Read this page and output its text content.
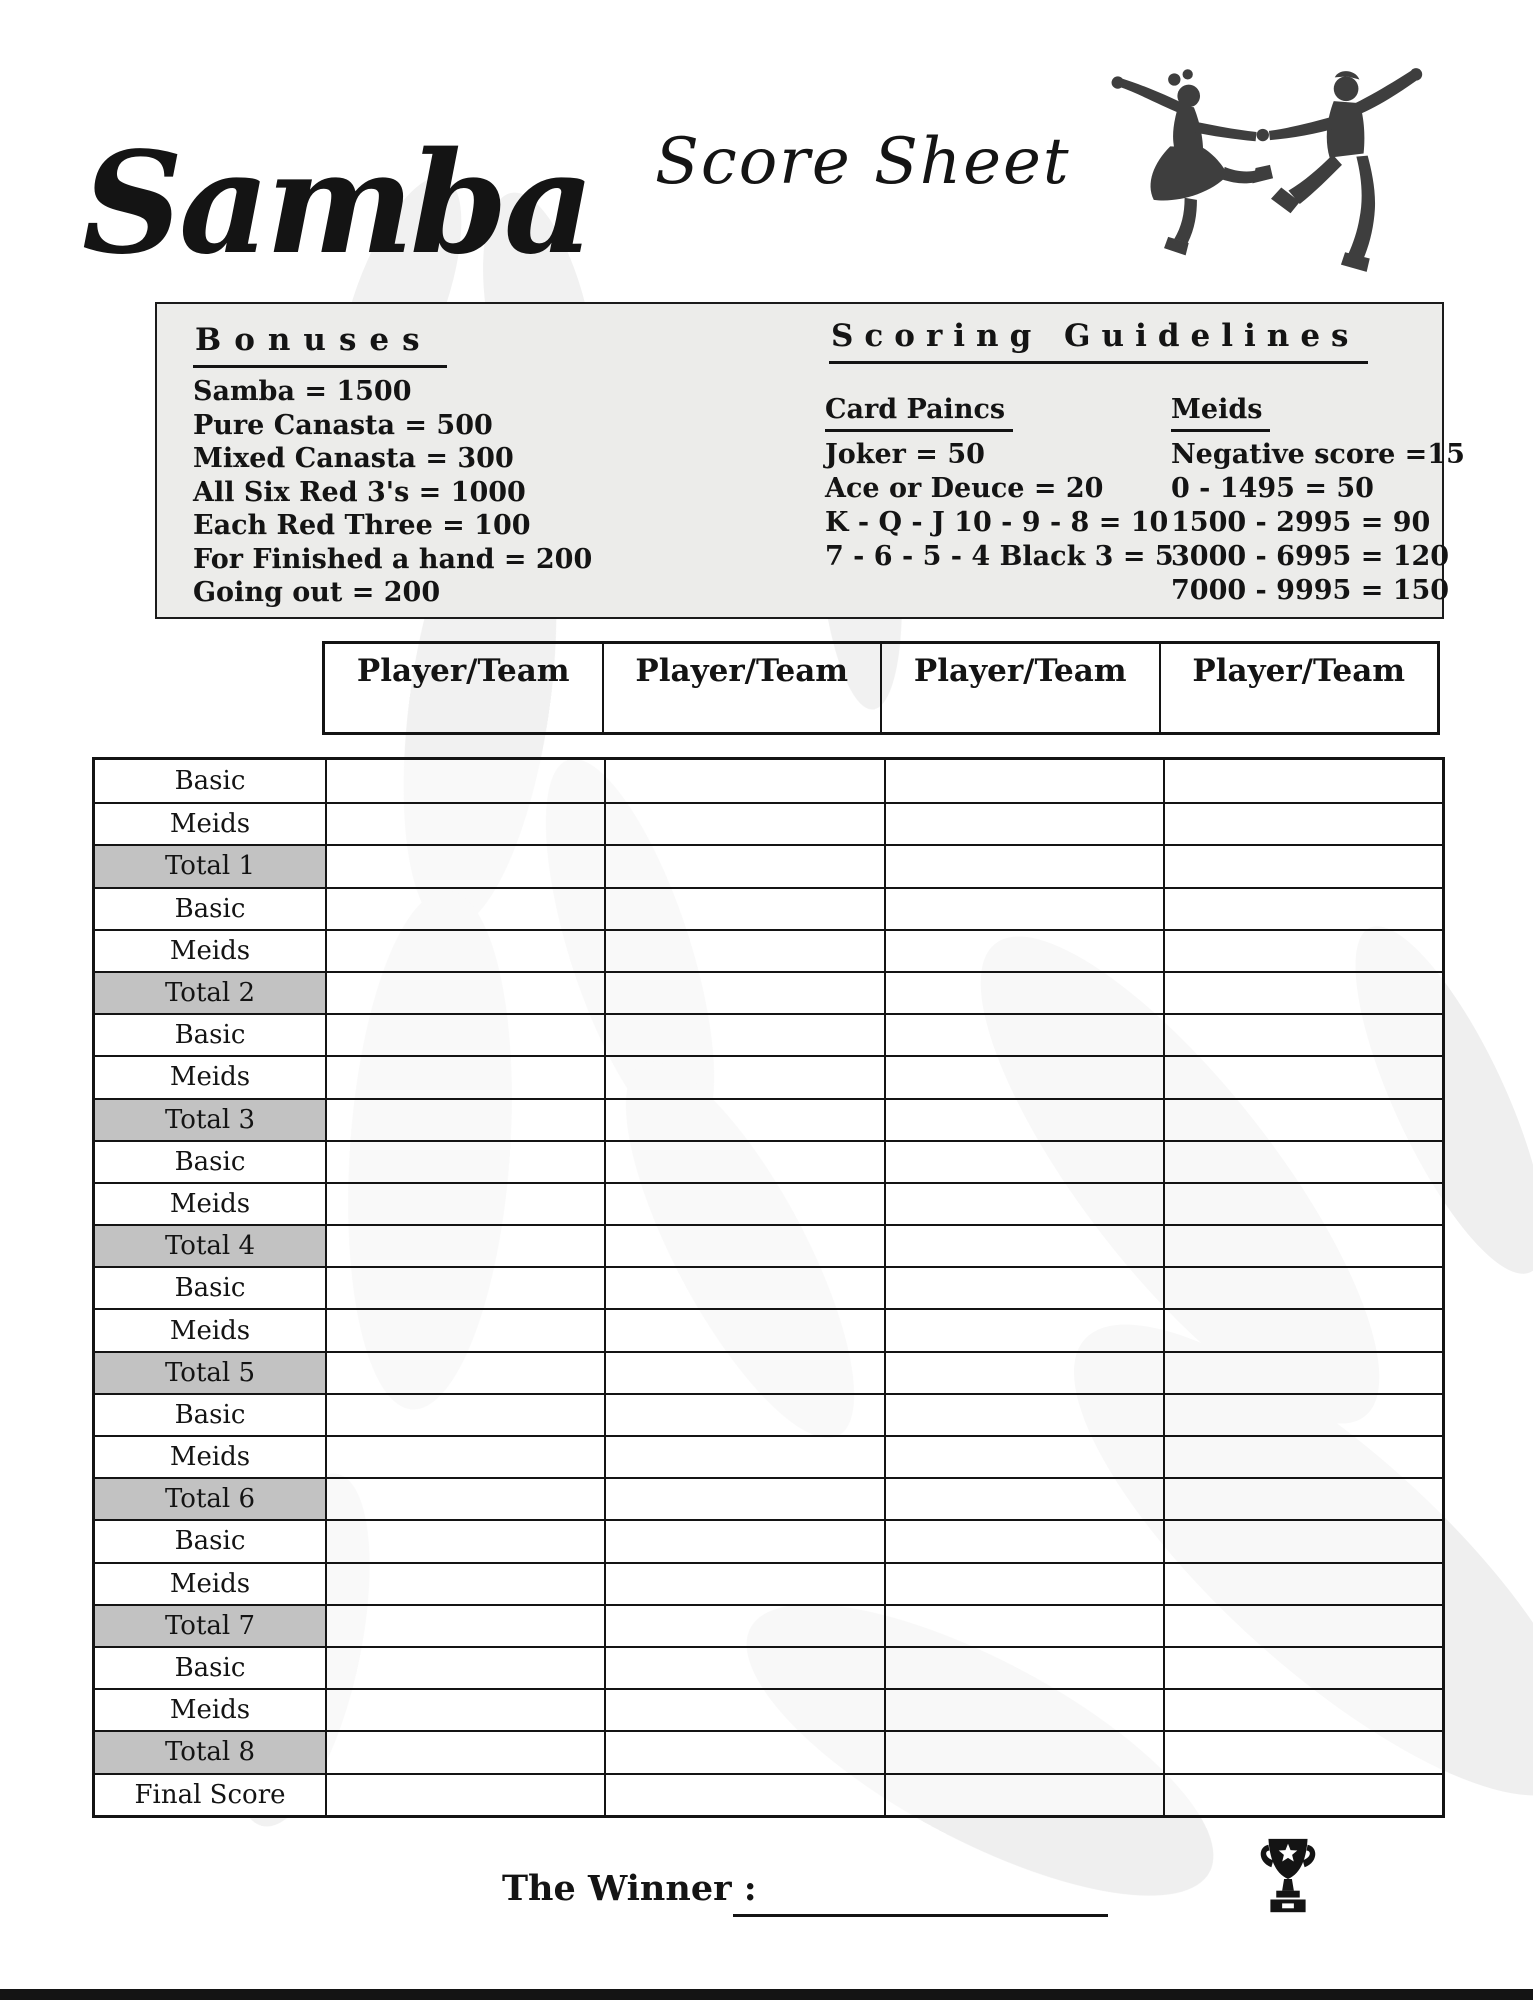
Samba Score Sheet
Bonuses
Samba = 1500
Pure Canasta = 500
Mixed Canasta = 300
All Six Red 3's = 1000
Each Red Three = 100
For Finished a hand = 200
Going out = 200
Scoring Guidelines
Card Paincs
Joker = 50
Ace or Deuce = 20
K - Q - J 10 - 9 - 8 = 10
7 - 6 - 5 - 4 Black 3 = 5
Meids
Negative score =15
0 - 1495 = 50
1500 - 2995 = 90
3000 - 6995 = 120
7000 - 9995 = 150
Player/Team	Player/Team	Player/Team	Player/Team
Basic
Meids
Total 1
Basic
Meids
Total 2
Basic
Meids
Total 3
Basic
Meids
Total 4
Basic
Meids
Total 5
Basic
Meids
Total 6
Basic
Meids
Total 7
Basic
Meids
Total 8
Final Score
The Winner :
